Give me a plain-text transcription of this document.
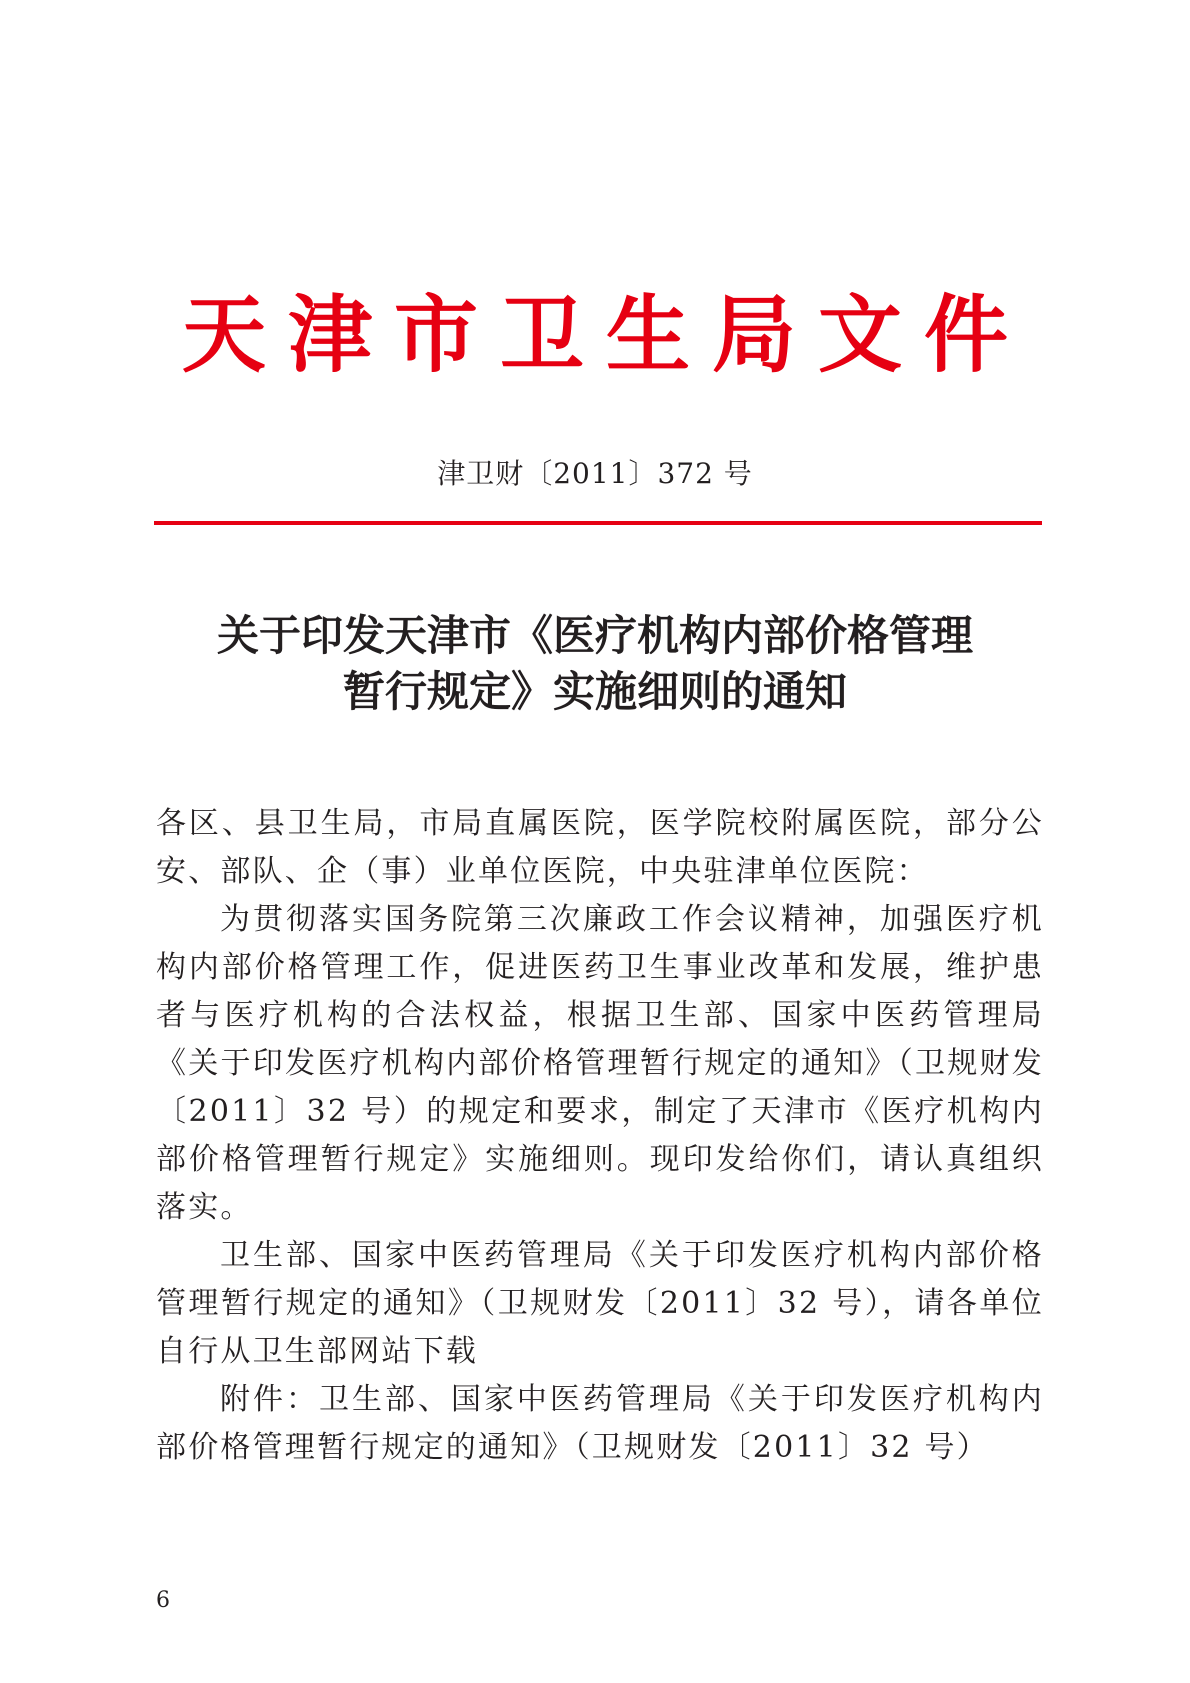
天津市卫生局文件
津卫财〔2011〕372 号
关于印发天津市《医疗机构内部价格管理
暂行规定》实施细则的通知

各区、县卫生局，市局直属医院，医学院校附属医院，部分公安、部队、企（事）业单位医院，中央驻津单位医院：

为贯彻落实国务院第三次廉政工作会议精神，加强医疗机构内部价格管理工作，促进医药卫生事业改革和发展，维护患者与医疗机构的合法权益，根据卫生部、国家中医药管理局《关于印发医疗机构内部价格管理暂行规定的通知》（卫规财发〔2011〕32 号）的规定和要求，制定了天津市《医疗机构内部价格管理暂行规定》实施细则。现印发给你们，请认真组织落实。

卫生部、国家中医药管理局《关于印发医疗机构内部价格管理暂行规定的通知》（卫规财发〔2011〕32 号），请各单位自行从卫生部网站下载

附件：卫生部、国家中医药管理局《关于印发医疗机构内部价格管理暂行规定的通知》（卫规财发〔2011〕32 号）

6
